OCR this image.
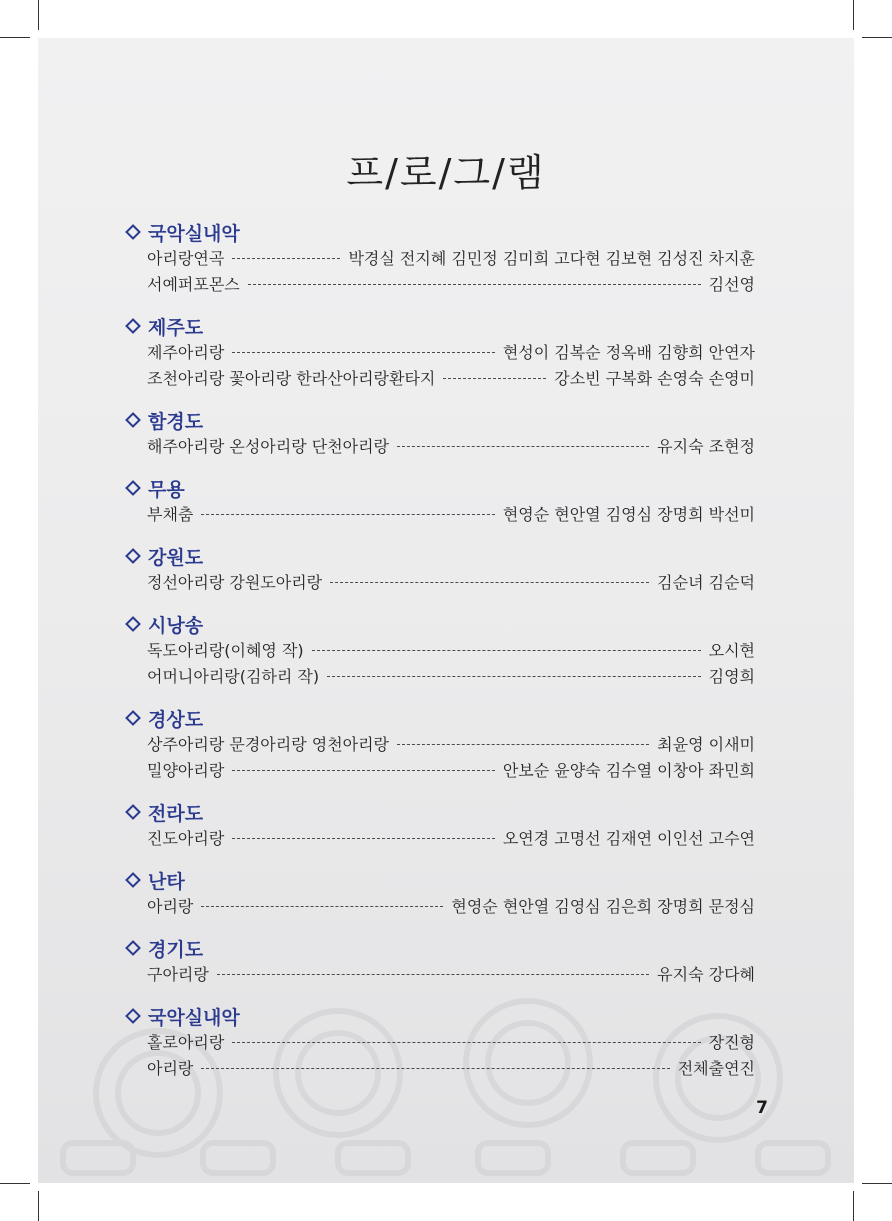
프/로/그/램
국악실내악
아리랑연곡	박경실 전지혜 김민정 김미희 고다현 김보현 김성진 차지훈
서예퍼포몬스	김선영
제주도
제주아리랑	현성이 김복순 정옥배 김향희 안연자
조천아리랑 꽃아리랑 한라산아리랑환타지	강소빈 구복화 손영숙 손영미
함경도
해주아리랑 온성아리랑 단천아리랑	유지숙 조현정
무용
부채춤	현영순 현안열 김영심 장명희 박선미
강원도
정선아리랑 강원도아리랑	김순녀 김순덕
시낭송
독도아리랑(이혜영 작)	오시현
어머니아리랑(김하리 작)	김영희
경상도
상주아리랑 문경아리랑 영천아리랑	최윤영 이새미
밀양아리랑	안보순 윤양숙 김수열 이창아 좌민희
전라도
진도아리랑	오연경 고명선 김재연 이인선 고수연
난타
아리랑	현영순 현안열 김영심 김은희 장명희 문정심
경기도
구아리랑	유지숙 강다혜
국악실내악
홀로아리랑	장진형
아리랑	전체출연진
7
